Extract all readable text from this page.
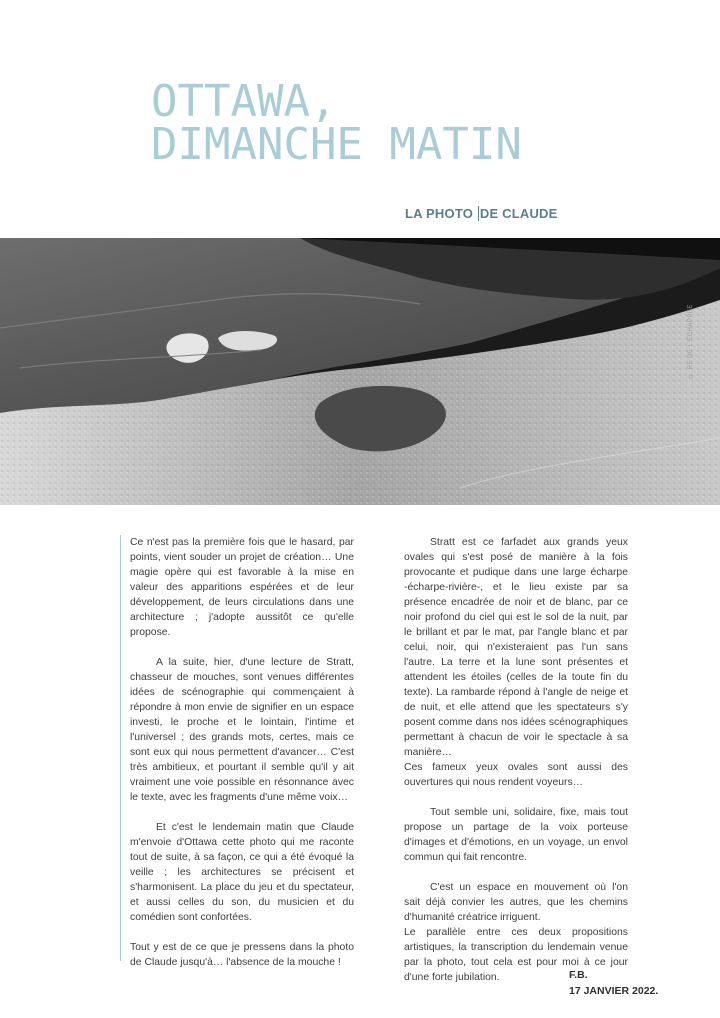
OTTAWA,
DIMANCHE MATIN
LA PHOTO DE CLAUDE
© RE DE L'ÉCHAPPÉE

Ce n'est pas la première fois que le hasard, par points, vient souder un projet de création… Une magie opère qui est favorable à la mise en valeur des apparitions espérées et de leur développement, de leurs circulations dans une architecture ; j'adopte aussitôt ce qu'elle propose.

A la suite, hier, d'une lecture de Stratt, chasseur de mouches, sont venues différentes idées de scénographie qui commençaient à répondre à mon envie de signifier en un espace investi, le proche et le lointain, l'intime et l'universel ; des grands mots, certes, mais ce sont eux qui nous permettent d'avancer… C'est très ambitieux, et pourtant il semble qu'il y ait vraiment une voie possible en résonnance avec le texte, avec les fragments d'une même voix…

Et c'est le lendemain matin que Claude m'envoie d'Ottawa cette photo qui me raconte tout de suite, à sa façon, ce qui a été évoqué la veille ; les architectures se précisent et s'harmonisent. La place du jeu et du spectateur, et aussi celles du son, du musicien et du comédien sont confortées.

Tout y est de ce que je pressens dans la photo de Claude jusqu'à… l'absence de la mouche !

Stratt est ce farfadet aux grands yeux ovales qui s'est posé de manière à la fois provocante et pudique dans une large écharpe -écharpe-rivière-, et le lieu existe par sa présence encadrée de noir et de blanc, par ce noir profond du ciel qui est le sol de la nuit, par le brillant et par le mat, par l'angle blanc et par celui, noir, qui n'existeraient pas l'un sans l'autre. La terre et la lune sont présentes et attendent les étoiles (celles de la toute fin du texte). La rambarde répond à l'angle de neige et de nuit, et elle attend que les spectateurs s'y posent comme dans nos idées scénographiques permettant à chacun de voir le spectacle à sa manière…

Ces fameux yeux ovales sont aussi des ouvertures qui nous rendent voyeurs…

Tout semble uni, solidaire, fixe, mais tout propose un partage de la voix porteuse d'images et d'émotions, en un voyage, un envol commun qui fait rencontre.

C'est un espace en mouvement où l'on sait déjà convier les autres, que les chemins d'humanité créatrice irriguent.

Le parallèle entre ces deux propositions artistiques, la transcription du lendemain venue par la photo, tout cela est pour moi à ce jour d'une forte jubilation.	F.B.
17 JANVIER 2022.
